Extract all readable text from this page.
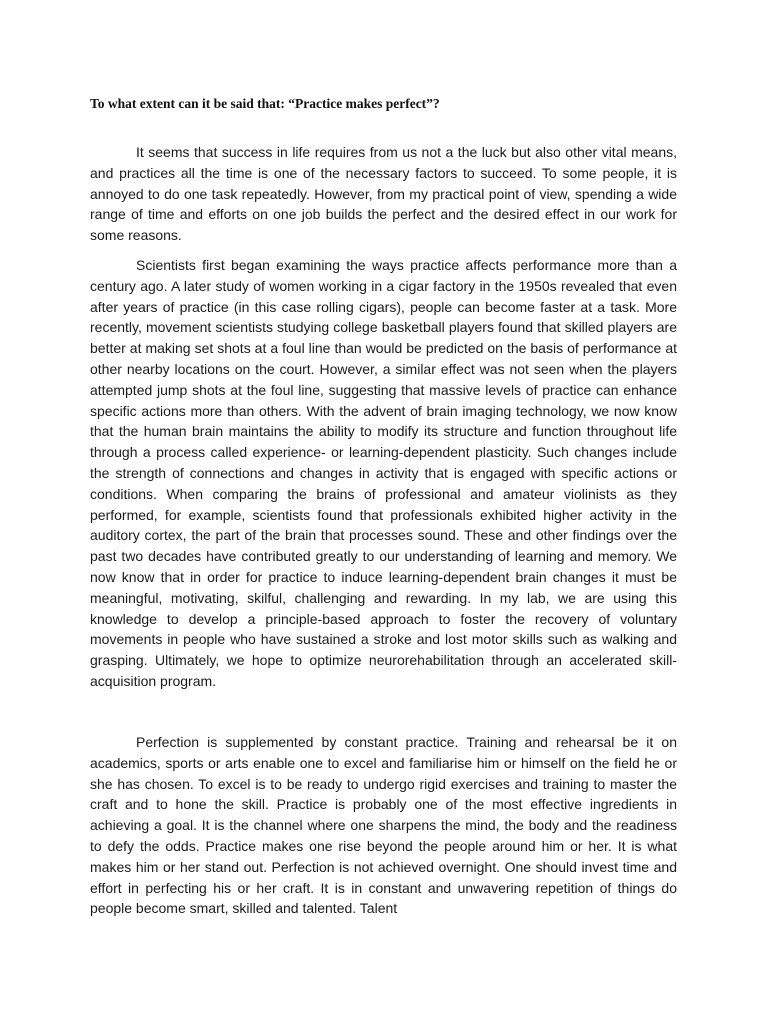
To what extent can it be said that: “Practice makes perfect”?

It seems that success in life requires from us not a the luck but also other vital means, and practices all the time is one of the necessary factors to succeed. To some people, it is annoyed to do one task repeatedly. However, from my practical point of view, spending a wide range of time and efforts on one job builds the perfect and the desired effect in our work for some reasons.

Scientists first began examining the ways practice affects performance more than a century ago. A later study of women working in a cigar factory in the 1950s revealed that even after years of practice (in this case rolling cigars), people can become faster at a task. More recently, movement scientists studying college basketball players found that skilled players are better at making set shots at a foul line than would be predicted on the basis of performance at other nearby locations on the court. However, a similar effect was not seen when the players attempted jump shots at the foul line, suggesting that massive levels of practice can enhance specific actions more than others. With the advent of brain imaging technology, we now know that the human brain maintains the ability to modify its structure and function throughout life through a process called experience- or learning-dependent plasticity. Such changes include the strength of connections and changes in activity that is engaged with specific actions or conditions. When comparing the brains of professional and amateur violinists as they performed, for example, scientists found that professionals exhibited higher activity in the auditory cortex, the part of the brain that processes sound. These and other findings over the past two decades have contributed greatly to our understanding of learning and memory. We now know that in order for practice to induce learning-dependent brain changes it must be meaningful, motivating, skilful, challenging and rewarding. In my lab, we are using this knowledge to develop a principle-based approach to foster the recovery of voluntary movements in people who have sustained a stroke and lost motor skills such as walking and grasping. Ultimately, we hope to optimize neurorehabilitation through an accelerated skill-acquisition program.

Perfection is supplemented by constant practice. Training and rehearsal be it on academics, sports or arts enable one to excel and familiarise him or himself on the field he or she has chosen. To excel is to be ready to undergo rigid exercises and training to master the craft and to hone the skill. Practice is probably one of the most effective ingredients in achieving a goal. It is the channel where one sharpens the mind, the body and the readiness to defy the odds. Practice makes one rise beyond the people around him or her. It is what makes him or her stand out. Perfection is not achieved overnight. One should invest time and effort in perfecting his or her craft. It is in constant and unwavering repetition of things do people become smart, skilled and talented. Talent
